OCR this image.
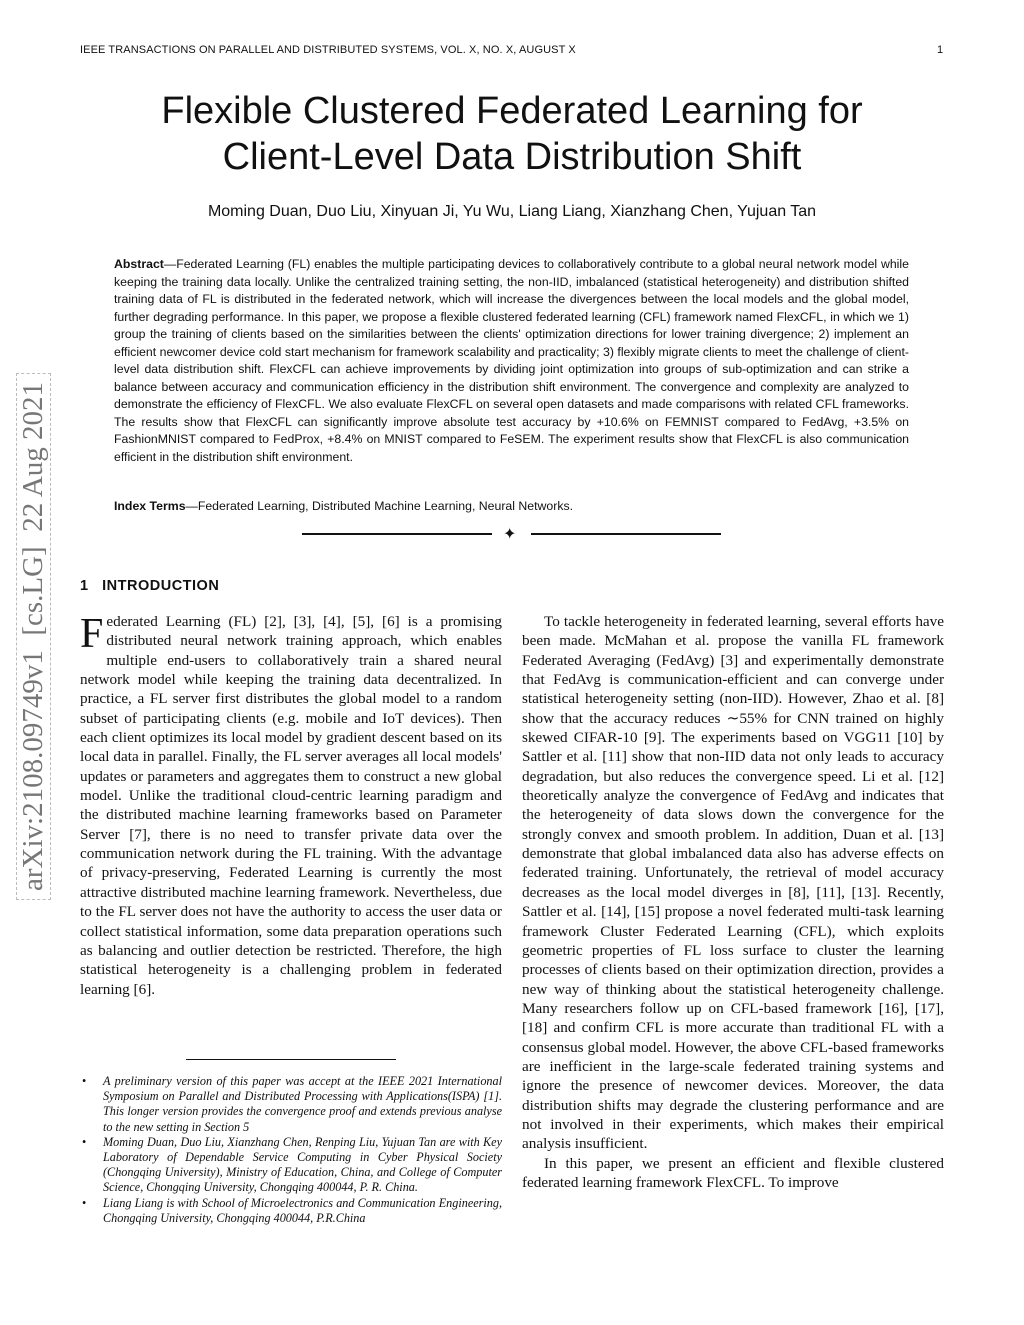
IEEE TRANSACTIONS ON PARALLEL AND DISTRIBUTED SYSTEMS, VOL. X, NO. X, AUGUST X	1
Flexible Clustered Federated Learning for Client-Level Data Distribution Shift
Moming Duan, Duo Liu, Xinyuan Ji, Yu Wu, Liang Liang, Xianzhang Chen, Yujuan Tan
Abstract—Federated Learning (FL) enables the multiple participating devices to collaboratively contribute to a global neural network model while keeping the training data locally. Unlike the centralized training setting, the non-IID, imbalanced (statistical heterogeneity) and distribution shifted training data of FL is distributed in the federated network, which will increase the divergences between the local models and the global model, further degrading performance. In this paper, we propose a flexible clustered federated learning (CFL) framework named FlexCFL, in which we 1) group the training of clients based on the similarities between the clients' optimization directions for lower training divergence; 2) implement an efficient newcomer device cold start mechanism for framework scalability and practicality; 3) flexibly migrate clients to meet the challenge of client-level data distribution shift. FlexCFL can achieve improvements by dividing joint optimization into groups of sub-optimization and can strike a balance between accuracy and communication efficiency in the distribution shift environment. The convergence and complexity are analyzed to demonstrate the efficiency of FlexCFL. We also evaluate FlexCFL on several open datasets and made comparisons with related CFL frameworks. The results show that FlexCFL can significantly improve absolute test accuracy by +10.6% on FEMNIST compared to FedAvg, +3.5% on FashionMNIST compared to FedProx, +8.4% on MNIST compared to FeSEM. The experiment results show that FlexCFL is also communication efficient in the distribution shift environment.
Index Terms—Federated Learning, Distributed Machine Learning, Neural Networks.
✦
1   INTRODUCTION
Federated Learning (FL) [2], [3], [4], [5], [6] is a promising distributed neural network training approach, which enables multiple end-users to collaboratively train a shared neural network model while keeping the training data decentralized. In practice, a FL server first distributes the global model to a random subset of participating clients (e.g. mobile and IoT devices). Then each client optimizes its local model by gradient descent based on its local data in parallel. Finally, the FL server averages all local models' updates or parameters and aggregates them to construct a new global model. Unlike the traditional cloud-centric learning paradigm and the distributed machine learning frameworks based on Parameter Server [7], there is no need to transfer private data over the communication network during the FL training. With the advantage of privacy-preserving, Federated Learning is currently the most attractive distributed machine learning framework. Nevertheless, due to the FL server does not have the authority to access the user data or collect statistical information, some data preparation operations such as balancing and outlier detection be restricted. Therefore, the high statistical heterogeneity is a challenging problem in federated learning [6].

To tackle heterogeneity in federated learning, several efforts have been made. McMahan et al. propose the vanilla FL framework Federated Averaging (FedAvg) [3] and experimentally demonstrate that FedAvg is communication-efficient and can converge under statistical heterogeneity setting (non-IID). However, Zhao et al. [8] show that the accuracy reduces ∼55% for CNN trained on highly skewed CIFAR-10 [9]. The experiments based on VGG11 [10] by Sattler et al. [11] show that non-IID data not only leads to accuracy degradation, but also reduces the convergence speed. Li et al. [12] theoretically analyze the convergence of FedAvg and indicates that the heterogeneity of data slows down the convergence for the strongly convex and smooth problem. In addition, Duan et al. [13] demonstrate that global imbalanced data also has adverse effects on federated training. Unfortunately, the retrieval of model accuracy decreases as the local model diverges in [8], [11], [13]. Recently, Sattler et al. [14], [15] propose a novel federated multi-task learning framework Cluster Federated Learning (CFL), which exploits geometric properties of FL loss surface to cluster the learning processes of clients based on their optimization direction, provides a new way of thinking about the statistical heterogeneity challenge. Many researchers follow up on CFL-based framework [16], [17], [18] and confirm CFL is more accurate than traditional FL with a consensus global model. However, the above CFL-based frameworks are inefficient in the large-scale federated training systems and ignore the presence of newcomer devices. Moreover, the data distribution shifts may degrade the clustering performance and are not involved in their experiments, which makes their empirical analysis insufficient.

In this paper, we present an efficient and flexible clustered federated learning framework FlexCFL. To improve

• A preliminary version of this paper was accept at the IEEE 2021 International Symposium on Parallel and Distributed Processing with Applications(ISPA) [1]. This longer version provides the convergence proof and extends previous analyse to the new setting in Section 5
• Moming Duan, Duo Liu, Xianzhang Chen, Renping Liu, Yujuan Tan are with Key Laboratory of Dependable Service Computing in Cyber Physical Society (Chongqing University), Ministry of Education, China, and College of Computer Science, Chongqing University, Chongqing 400044, P. R. China.
• Liang Liang is with School of Microelectronics and Communication Engineering, Chongqing University, Chongqing 400044, P.R.China
arXiv:2108.09749v1  [cs.LG]  22 Aug 2021
